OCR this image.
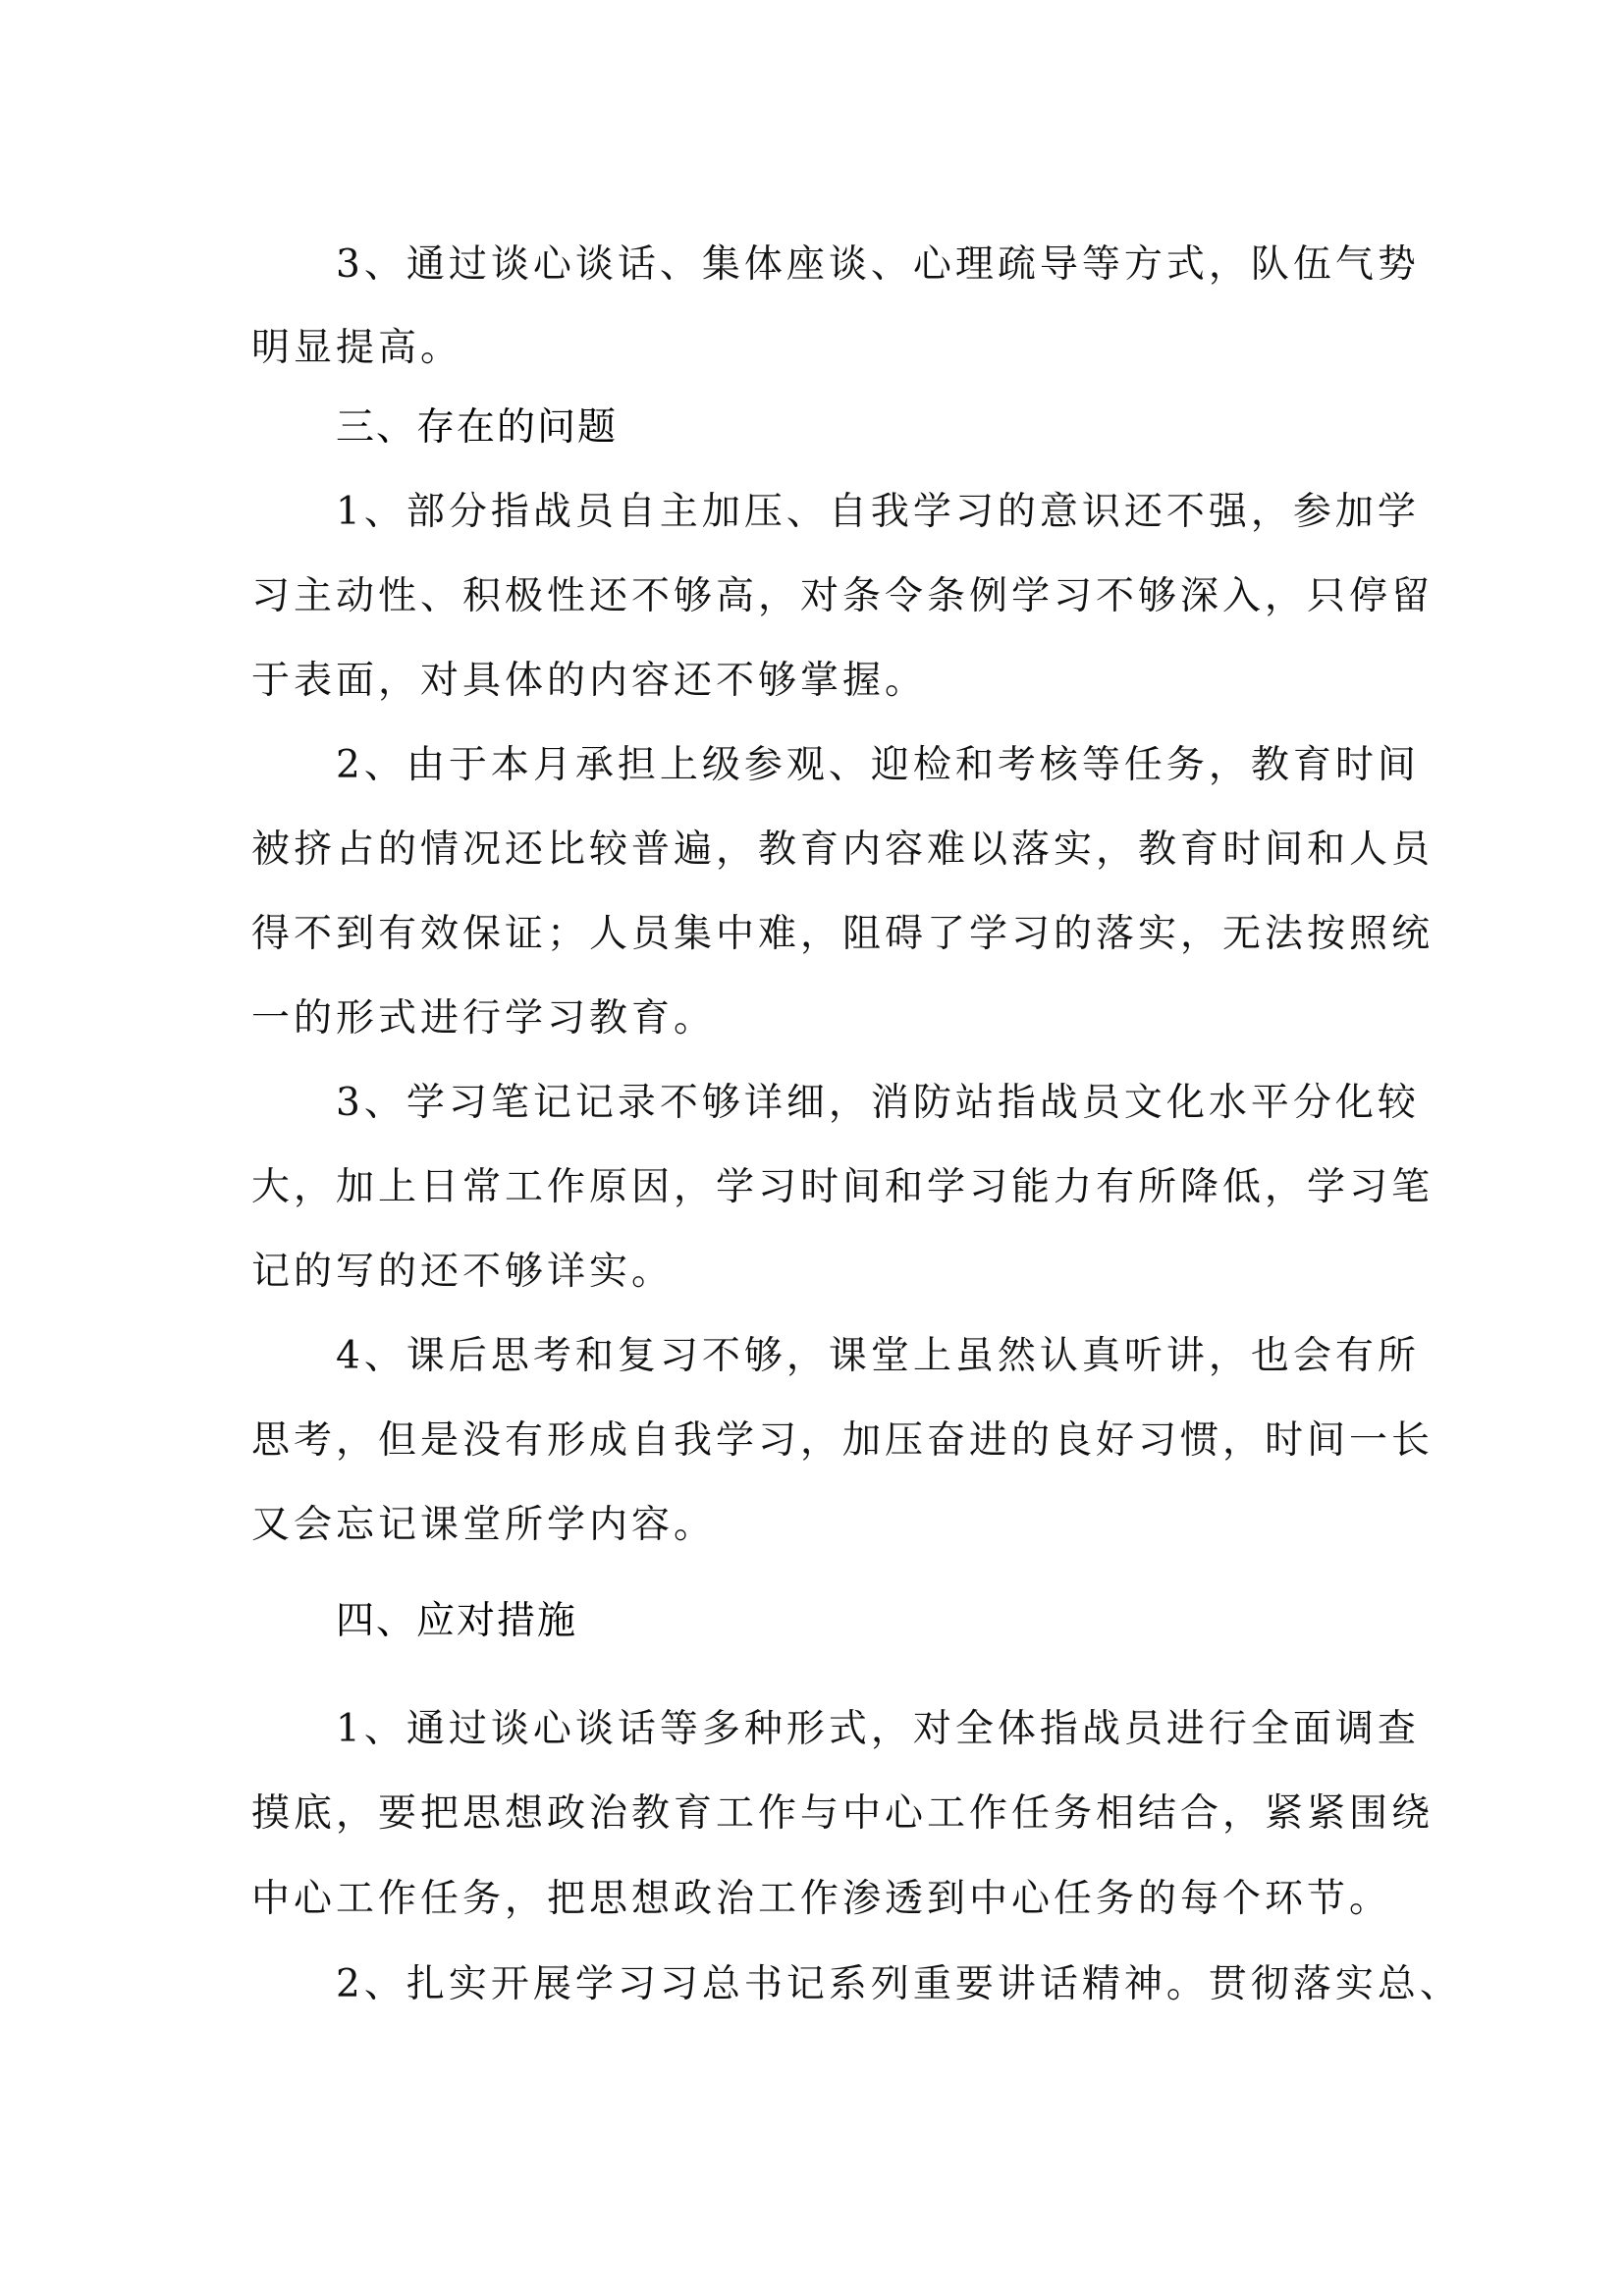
3、通过谈心谈话、集体座谈、心理疏导等方式，队伍气势
明显提高。
三、存在的问题
1、部分指战员自主加压、自我学习的意识还不强，参加学
习主动性、积极性还不够高，对条令条例学习不够深入，只停留
于表面，对具体的内容还不够掌握。
2、由于本月承担上级参观、迎检和考核等任务，教育时间
被挤占的情况还比较普遍，教育内容难以落实，教育时间和人员
得不到有效保证；人员集中难，阻碍了学习的落实，无法按照统
一的形式进行学习教育。
3、学习笔记记录不够详细，消防站指战员文化水平分化较
大，加上日常工作原因，学习时间和学习能力有所降低，学习笔
记的写的还不够详实。
4、课后思考和复习不够，课堂上虽然认真听讲，也会有所
思考，但是没有形成自我学习，加压奋进的良好习惯，时间一长
又会忘记课堂所学内容。
四、应对措施
1、通过谈心谈话等多种形式，对全体指战员进行全面调查
摸底，要把思想政治教育工作与中心工作任务相结合，紧紧围绕
中心工作任务，把思想政治工作渗透到中心任务的每个环节。
2、扎实开展学习习总书记系列重要讲话精神。贯彻落实总、
